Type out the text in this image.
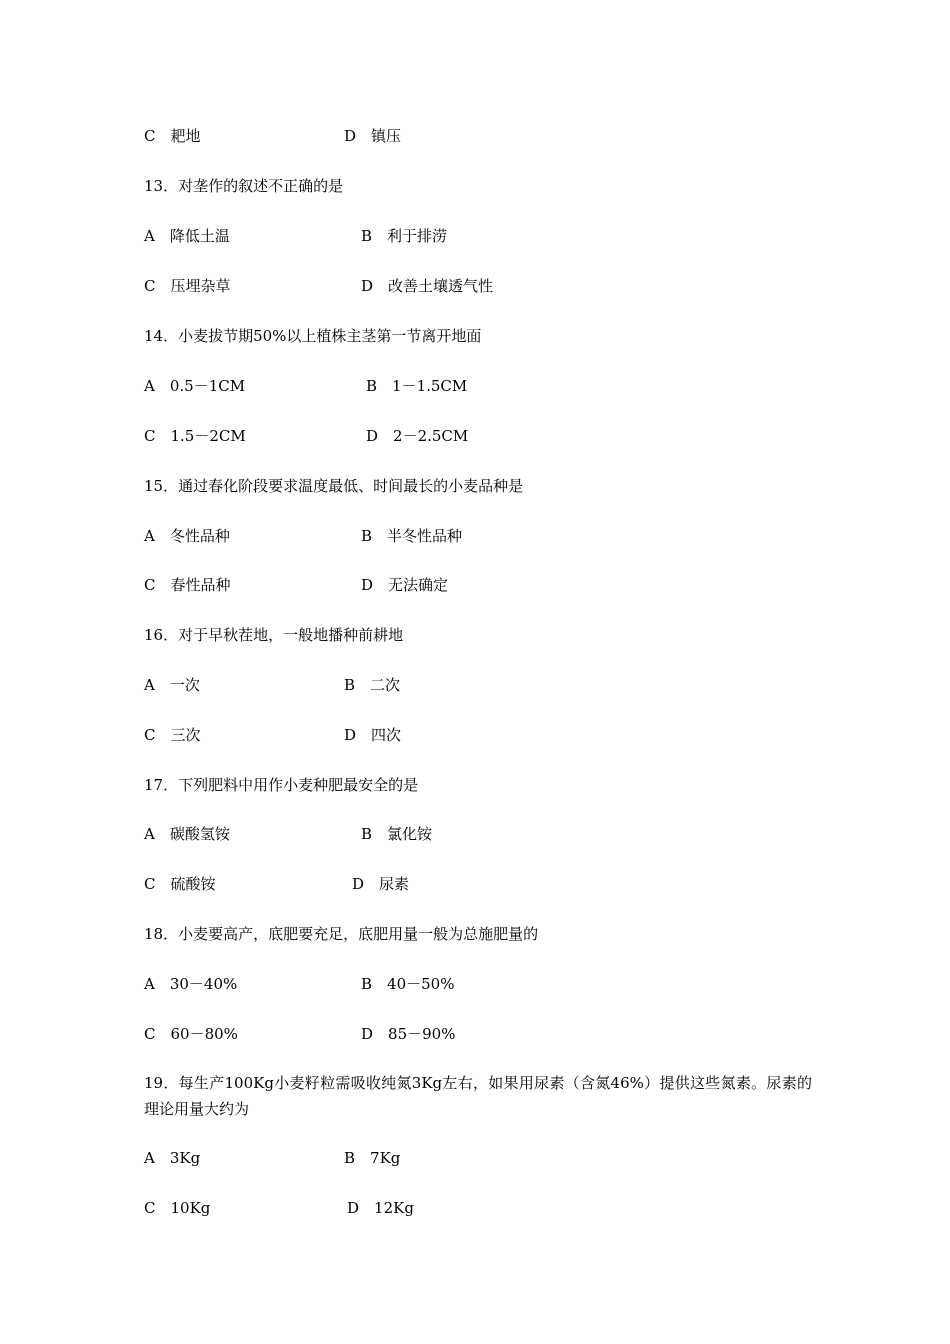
C　耙地	D　镇压
13．对垄作的叙述不正确的是
A　降低土温	B　利于排涝
C　压埋杂草	D　改善土壤透气性
14．小麦拔节期50%以上植株主茎第一节离开地面
A　0.5－1CM	B　1－1.5CM
C　1.5－2CM	D　2－2.5CM
15．通过春化阶段要求温度最低、时间最长的小麦品种是
A　冬性品种	B　半冬性品种
C　春性品种	D　无法确定
16．对于早秋茬地，一般地播种前耕地
A　一次	B　二次
C　三次	D　四次
17．下列肥料中用作小麦种肥最安全的是
A　碳酸氢铵	B　氯化铵
C　硫酸铵	D　尿素
18．小麦要高产，底肥要充足，底肥用量一般为总施肥量的
A　30－40%	B　40－50%
C　60－80%	D　85－90%
19．每生产100Kg小麦籽粒需吸收纯氮3Kg左右，如果用尿素（含氮46%）提供这些氮素。尿素的理论用量大约为
A　3Kg	B　7Kg
C　10Kg	D　12Kg
